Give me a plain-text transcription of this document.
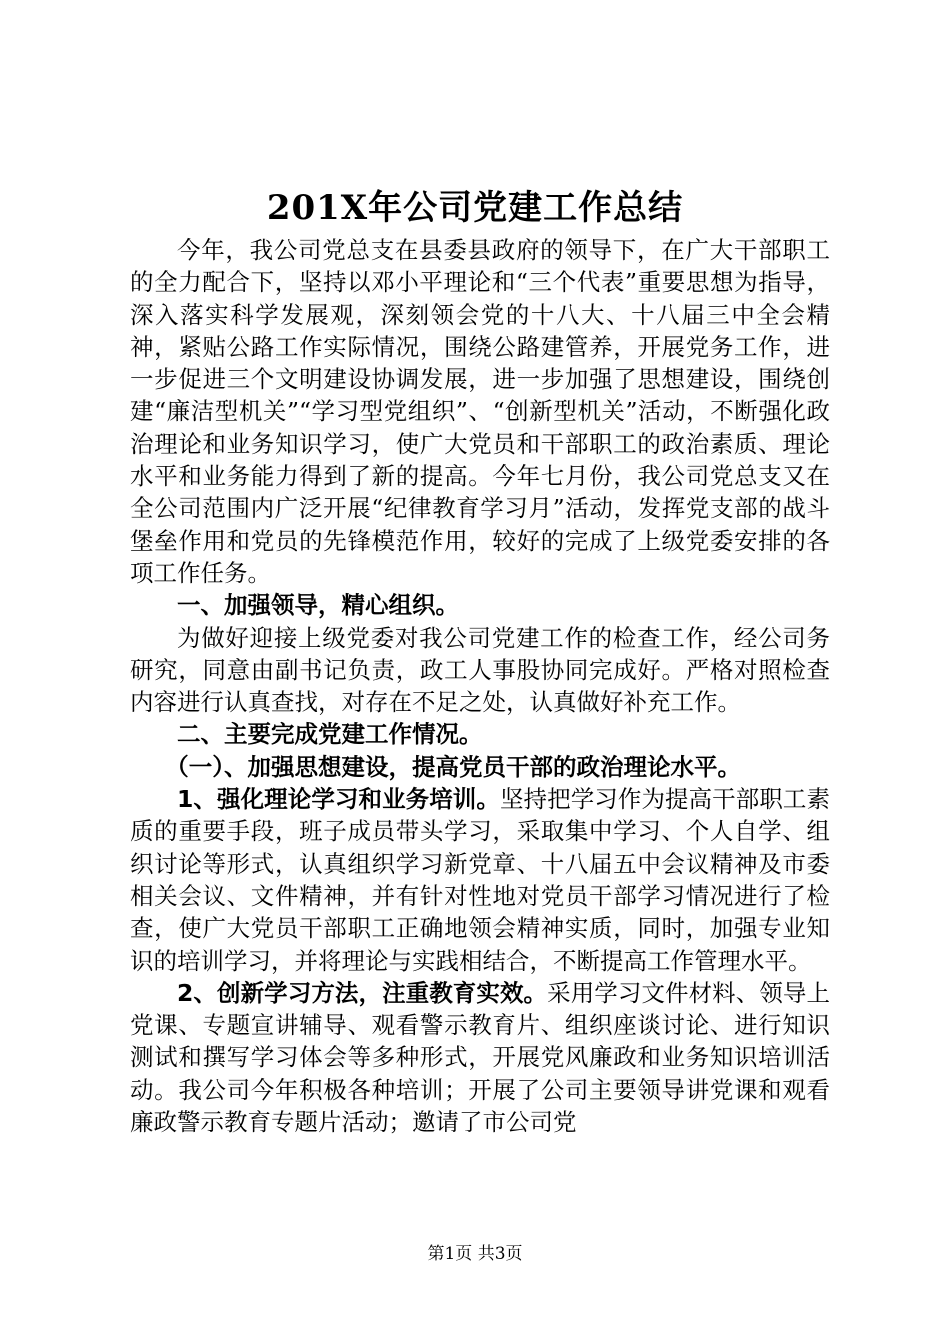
201X年公司党建工作总结

今年，我公司党总支在县委县政府的领导下，在广大干部职工的全力配合下，坚持以邓小平理论和“三个代表”重要思想为指导，深入落实科学发展观，深刻领会党的十八大、十八届三中全会精神，紧贴公路工作实际情况，围绕公路建管养，开展党务工作，进一步促进三个文明建设协调发展，进一步加强了思想建设，围绕创建“廉洁型机关”“学习型党组织”、“创新型机关”活动，不断强化政治理论和业务知识学习，使广大党员和干部职工的政治素质、理论水平和业务能力得到了新的提高。今年七月份，我公司党总支又在全公司范围内广泛开展“纪律教育学习月”活动，发挥党支部的战斗堡垒作用和党员的先锋模范作用，较好的完成了上级党委安排的各项工作任务。

一、加强领导，精心组织。

为做好迎接上级党委对我公司党建工作的检查工作，经公司务研究，同意由副书记负责，政工人事股协同完成好。严格对照检查内容进行认真查找，对存在不足之处，认真做好补充工作。

二、主要完成党建工作情况。

（一）、加强思想建设，提高党员干部的政治理论水平。

1、强化理论学习和业务培训。坚持把学习作为提高干部职工素质的重要手段，班子成员带头学习，采取集中学习、个人自学、组织讨论等形式，认真组织学习新党章、十八届五中会议精神及市委相关会议、文件精神，并有针对性地对党员干部学习情况进行了检查，使广大党员干部职工正确地领会精神实质，同时，加强专业知识的培训学习，并将理论与实践相结合，不断提高工作管理水平。

2、创新学习方法，注重教育实效。采用学习文件材料、领导上党课、专题宣讲辅导、观看警示教育片、组织座谈讨论、进行知识测试和撰写学习体会等多种形式，开展党风廉政和业务知识培训活动。我公司今年积极各种培训；开展了公司主要领导讲党课和观看廉政警示教育专题片活动；邀请了市公司党

第1页 共3页
